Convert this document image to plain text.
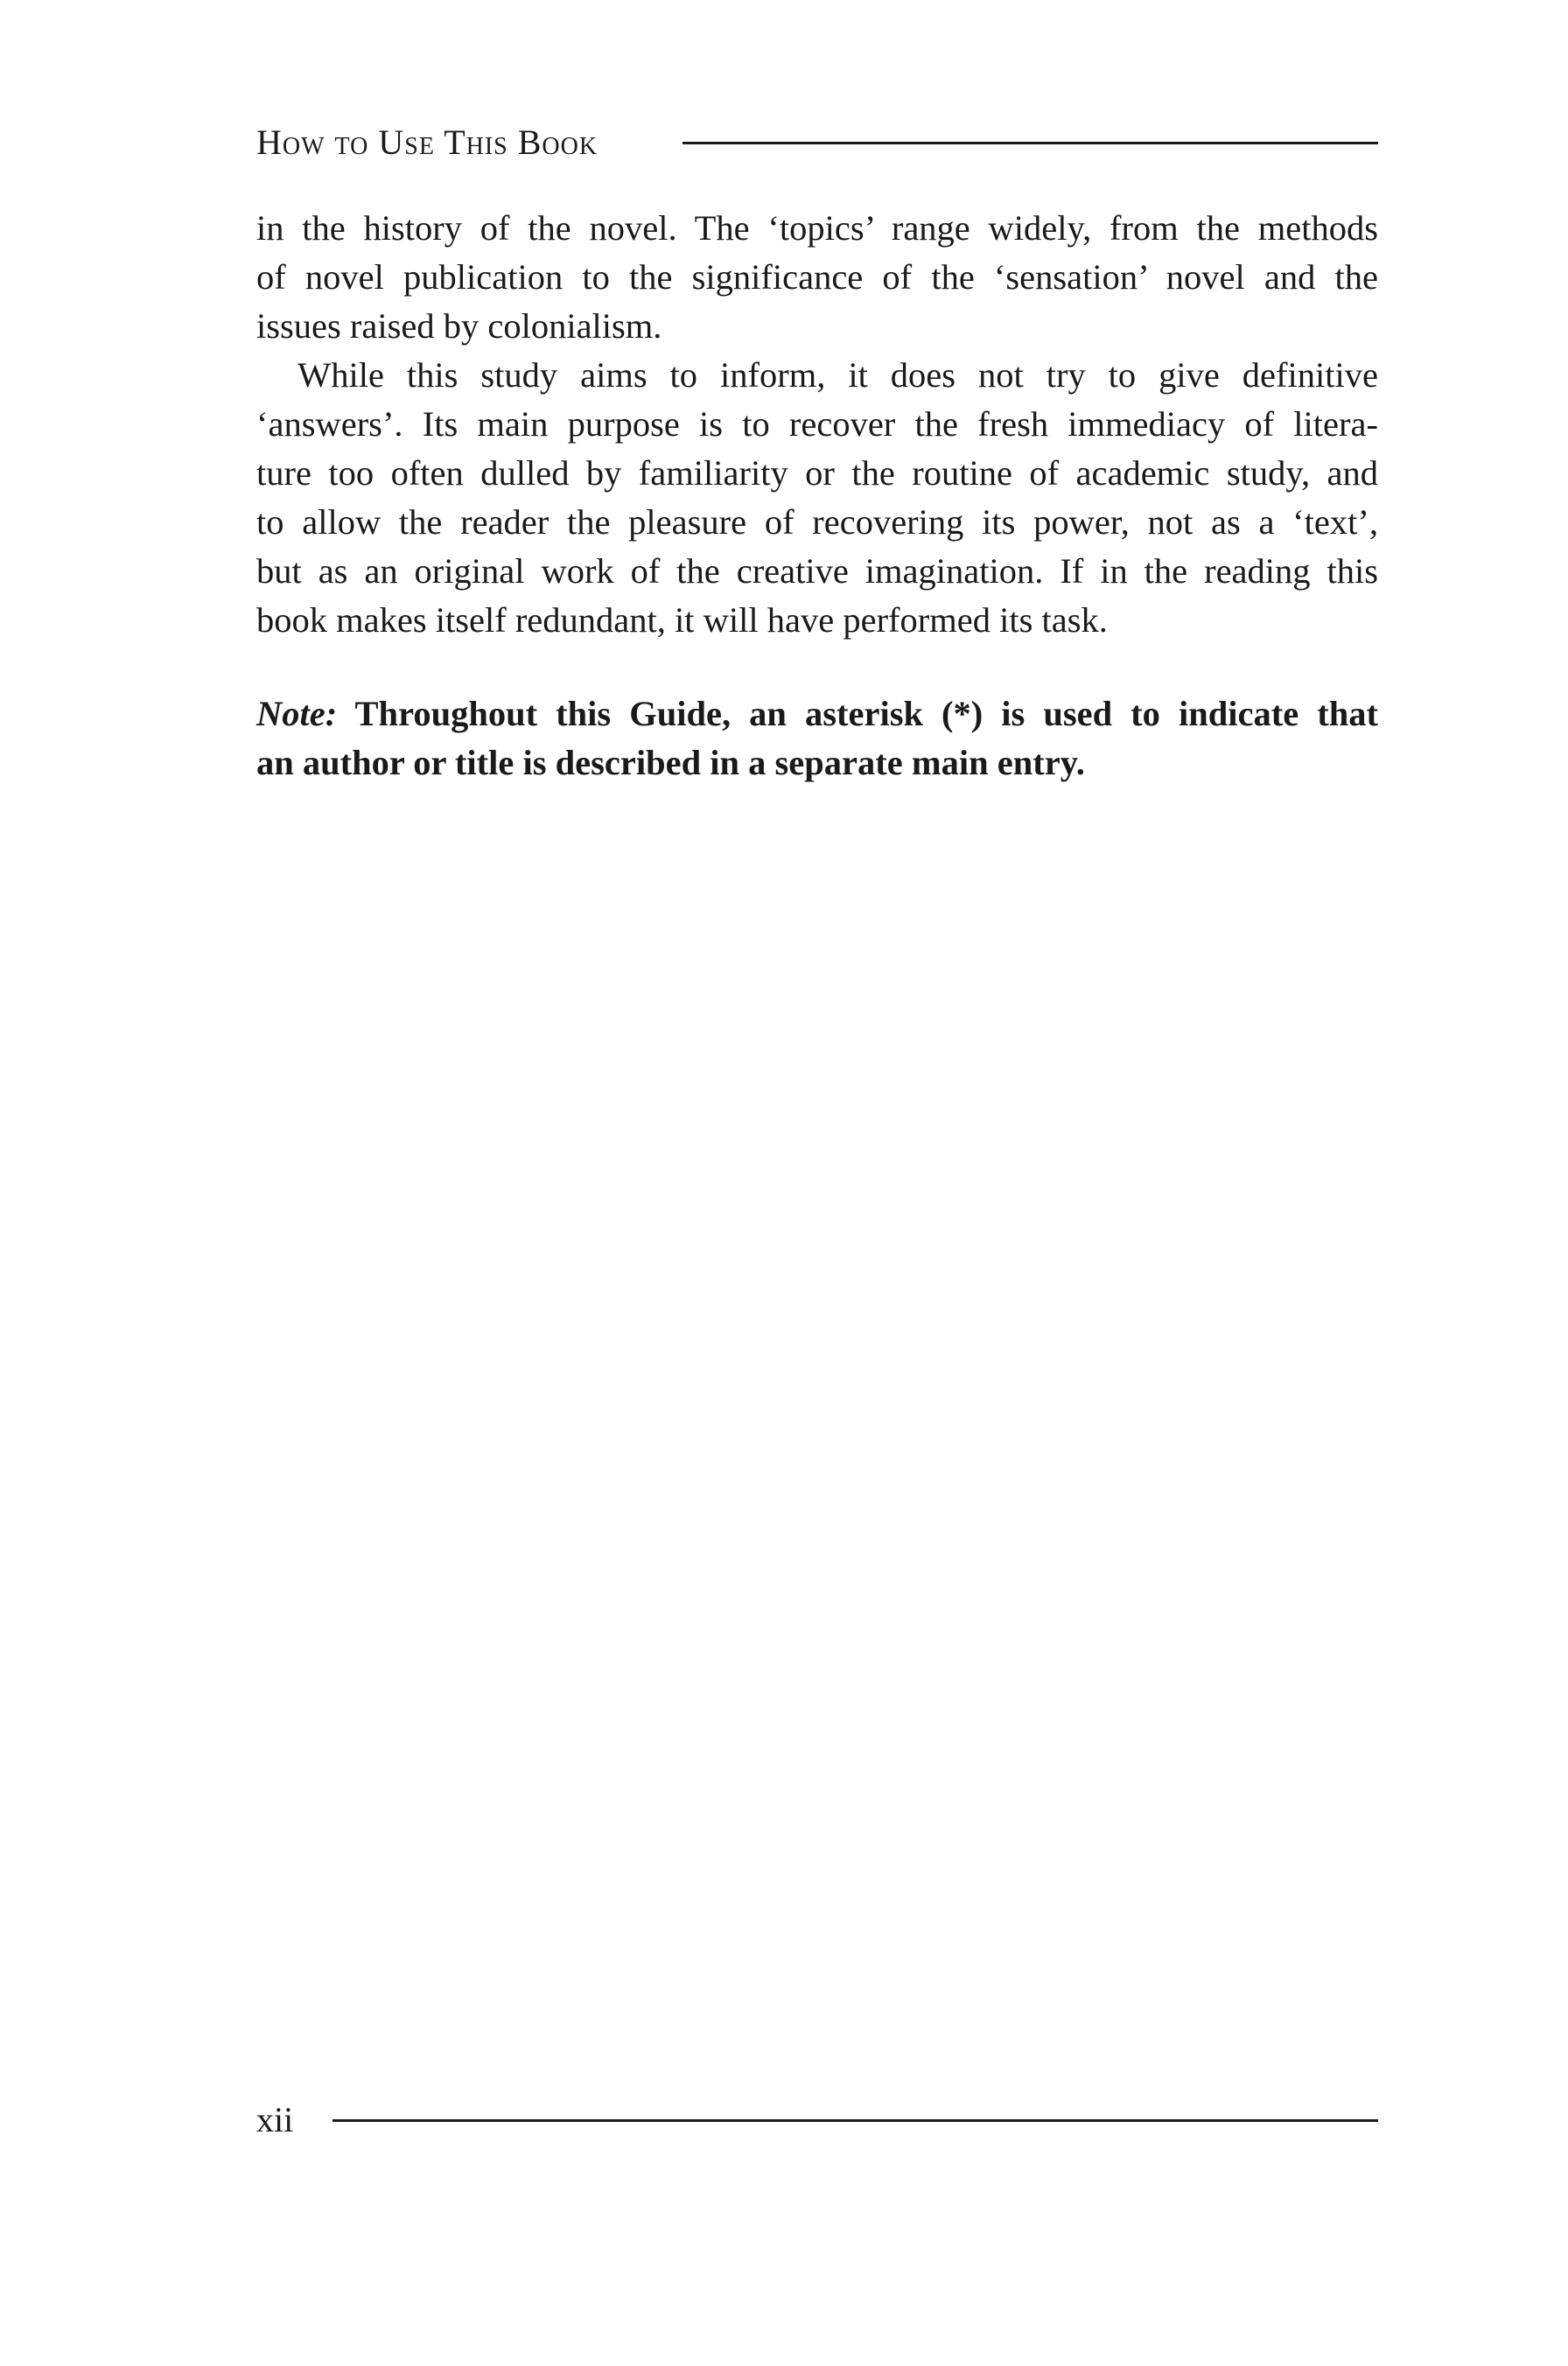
How to Use This Book
in the history of the novel. The ‘topics’ range widely, from the methods
of novel publication to the significance of the ‘sensation’ novel and the
issues raised by colonialism.
While this study aims to inform, it does not try to give definitive
‘answers’. Its main purpose is to recover the fresh immediacy of litera-
ture too often dulled by familiarity or the routine of academic study, and
to allow the reader the pleasure of recovering its power, not as a ‘text’,
but as an original work of the creative imagination. If in the reading this
book makes itself redundant, it will have performed its task.
Note: Throughout this Guide, an asterisk (*) is used to indicate that
an author or title is described in a separate main entry.
xii
